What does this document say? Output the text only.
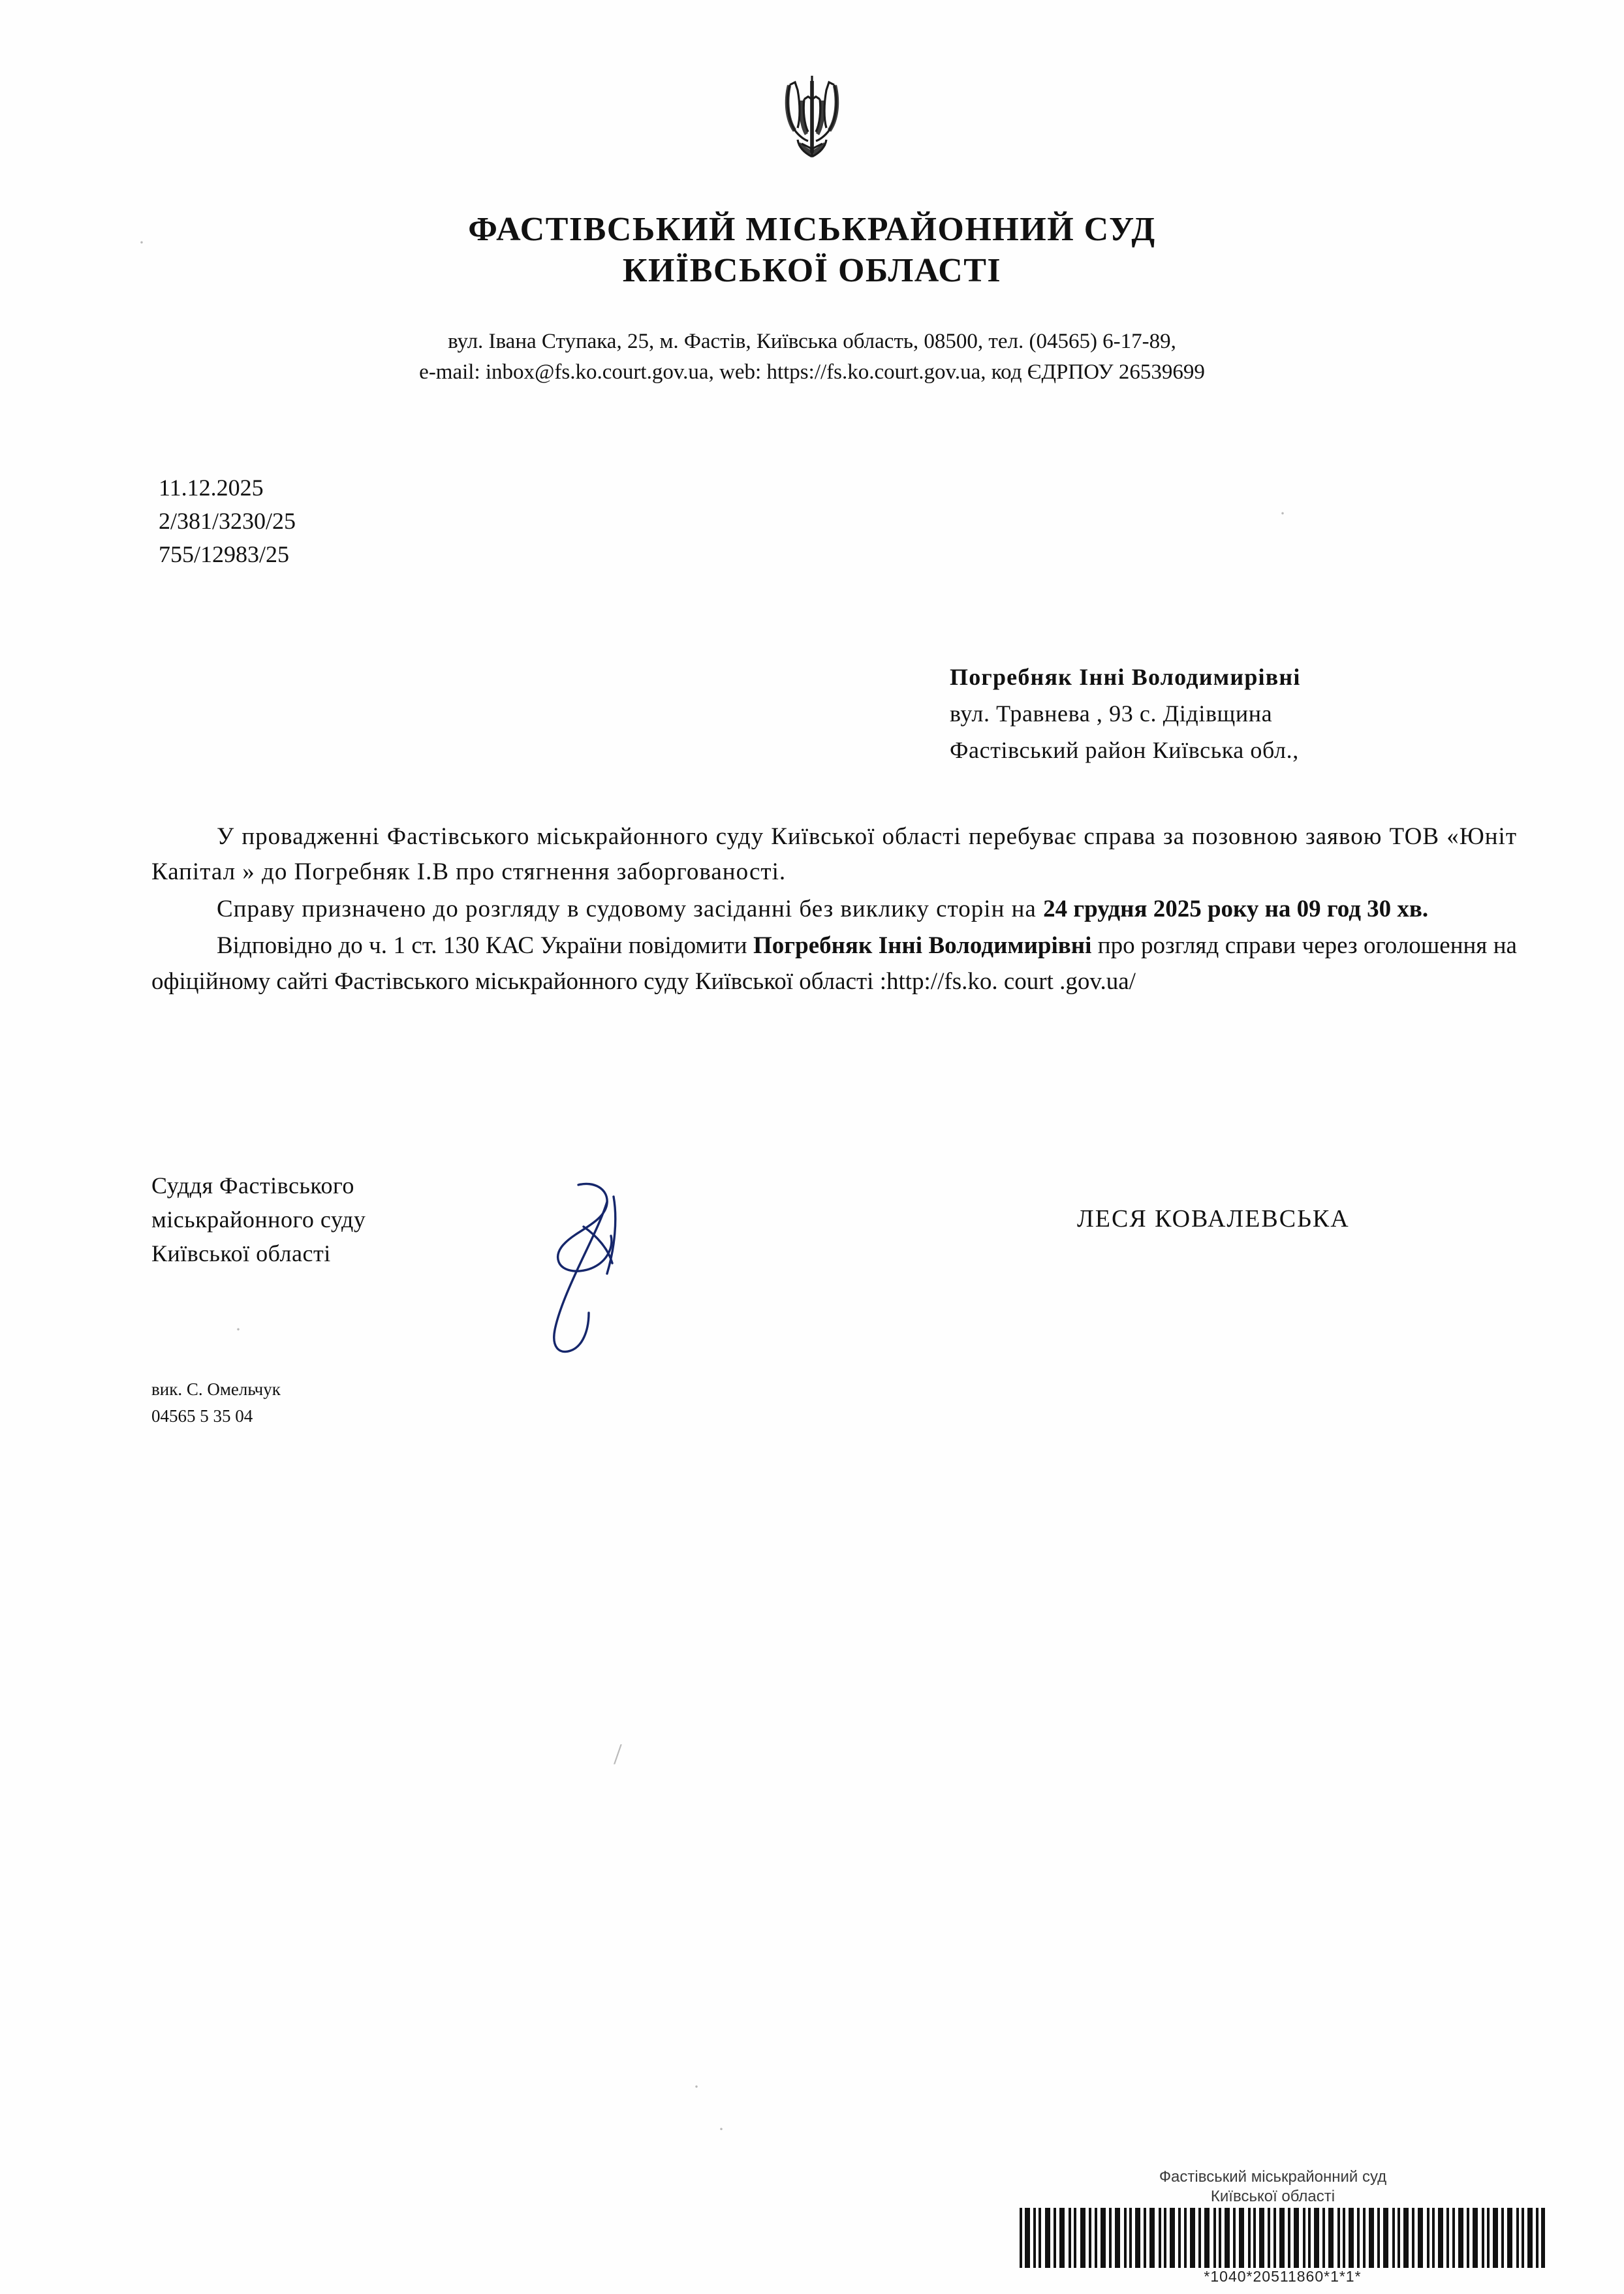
ФАСТІВСЬКИЙ МІСЬКРАЙОННИЙ СУД
КИЇВСЬКОЇ ОБЛАСТІ
вул. Івана Ступака, 25, м. Фастів, Київська область, 08500, тел. (04565) 6-17-89,
e-mail: inbox@fs.ko.court.gov.ua, web: https://fs.ko.court.gov.ua, код ЄДРПОУ 26539699
11.12.2025
2/381/3230/25
755/12983/25
Погребняк Інні Володимирівні
вул. Травнева , 93 с. Дідівщина
Фастівський район Київська обл.,

У провадженні Фастівського міськрайонного суду Київської області перебуває справа за позовною заявою ТОВ «Юніт Капітал » до Погребняк І.В про стягнення заборгованості.

Справу призначено до розгляду в судовому засіданні без виклику сторін на 24 грудня 2025 року на 09 год 30 хв.

Відповідно до ч. 1 ст. 130 КАС України повідомити Погребняк Інні Володимирівні про розгляд справи через оголошення на офіційному сайті Фастівського міськрайонного суду Київської області :http://fs.ko. court .gov.ua/

Суддя Фастівського
міськрайонного суду
Київської області
ЛЕСЯ КОВАЛЕВСЬКА
вик. С. Омельчук
04565 5 35 04
·
·
·
/
·
·
Фастівський міськрайонний суд
Київської області
*1040*20511860*1*1*
